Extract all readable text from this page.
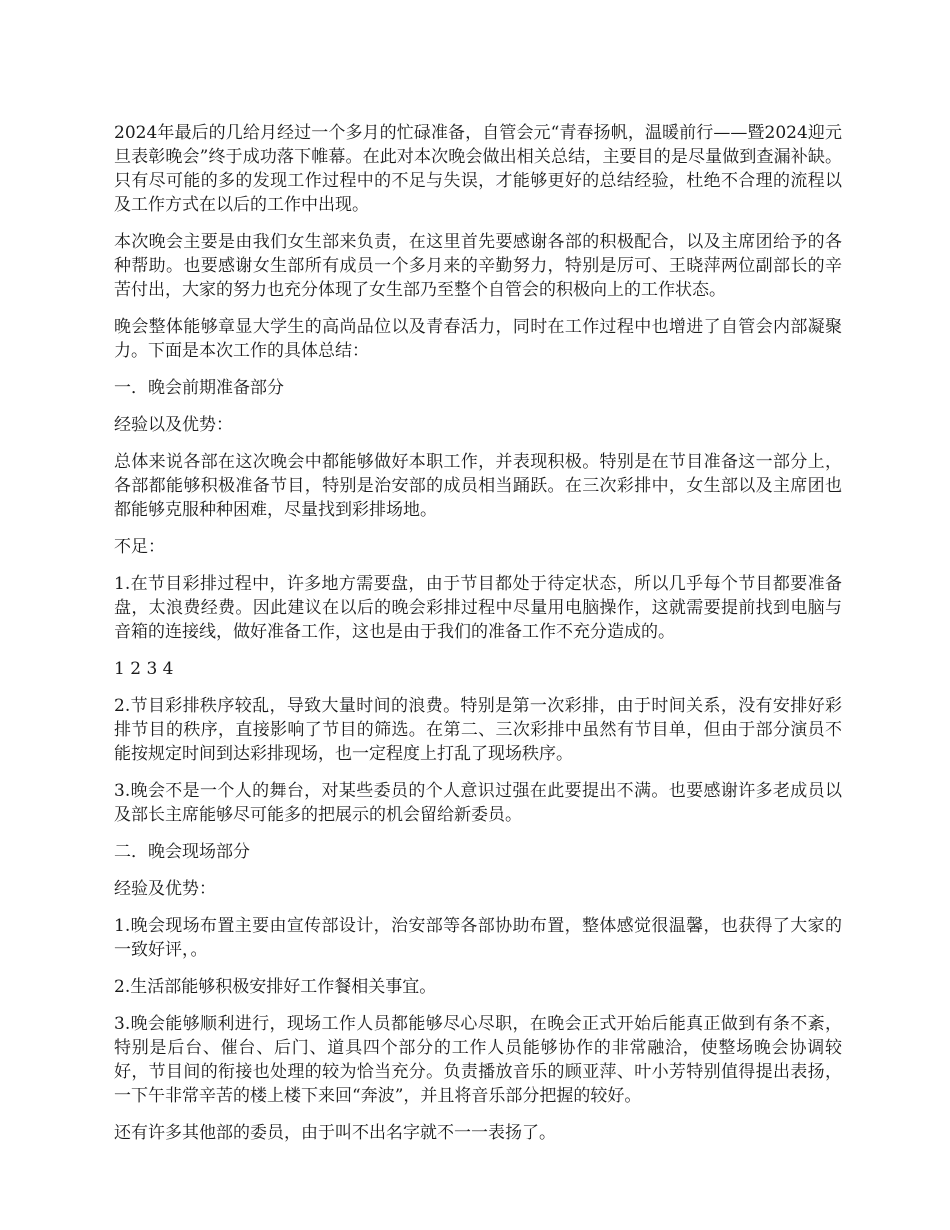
2024年最后的几给月经过一个多月的忙碌准备，自管会元“青春扬帆，温暖前行——暨2024迎元旦表彰晚会”终于成功落下帷幕。在此对本次晚会做出相关总结，主要目的是尽量做到查漏补缺。只有尽可能的多的发现工作过程中的不足与失误，才能够更好的总结经验，杜绝不合理的流程以及工作方式在以后的工作中出现。

本次晚会主要是由我们女生部来负责，在这里首先要感谢各部的积极配合，以及主席团给予的各种帮助。也要感谢女生部所有成员一个多月来的辛勤努力，特别是厉可、王晓萍两位副部长的辛苦付出，大家的努力也充分体现了女生部乃至整个自管会的积极向上的工作状态。

晚会整体能够章显大学生的高尚品位以及青春活力，同时在工作过程中也增进了自管会内部凝聚力。下面是本次工作的具体总结：

一．晚会前期准备部分

经验以及优势：

总体来说各部在这次晚会中都能够做好本职工作，并表现积极。特别是在节目准备这一部分上，各部都能够积极准备节目，特别是治安部的成员相当踊跃。在三次彩排中，女生部以及主席团也都能够克服种种困难，尽量找到彩排场地。

不足：

1.在节目彩排过程中，许多地方需要盘，由于节目都处于待定状态，所以几乎每个节目都要准备盘，太浪费经费。因此建议在以后的晚会彩排过程中尽量用电脑操作，这就需要提前找到电脑与音箱的连接线，做好准备工作，这也是由于我们的准备工作不充分造成的。

1 2 3 4

2.节目彩排秩序较乱，导致大量时间的浪费。特别是第一次彩排，由于时间关系，没有安排好彩排节目的秩序，直接影响了节目的筛选。在第二、三次彩排中虽然有节目单，但由于部分演员不能按规定时间到达彩排现场，也一定程度上打乱了现场秩序。

3.晚会不是一个人的舞台，对某些委员的个人意识过强在此要提出不满。也要感谢许多老成员以及部长主席能够尽可能多的把展示的机会留给新委员。

二．晚会现场部分

经验及优势：

1.晚会现场布置主要由宣传部设计，治安部等各部协助布置，整体感觉很温馨，也获得了大家的一致好评，。

2.生活部能够积极安排好工作餐相关事宜。

3.晚会能够顺利进行，现场工作人员都能够尽心尽职，在晚会正式开始后能真正做到有条不紊，特别是后台、催台、后门、道具四个部分的工作人员能够协作的非常融洽，使整场晚会协调较好，节目间的衔接也处理的较为恰当充分。负责播放音乐的顾亚萍、叶小芳特别值得提出表扬，一下午非常辛苦的楼上楼下来回“奔波”，并且将音乐部分把握的较好。

还有许多其他部的委员，由于叫不出名字就不一一表扬了。
